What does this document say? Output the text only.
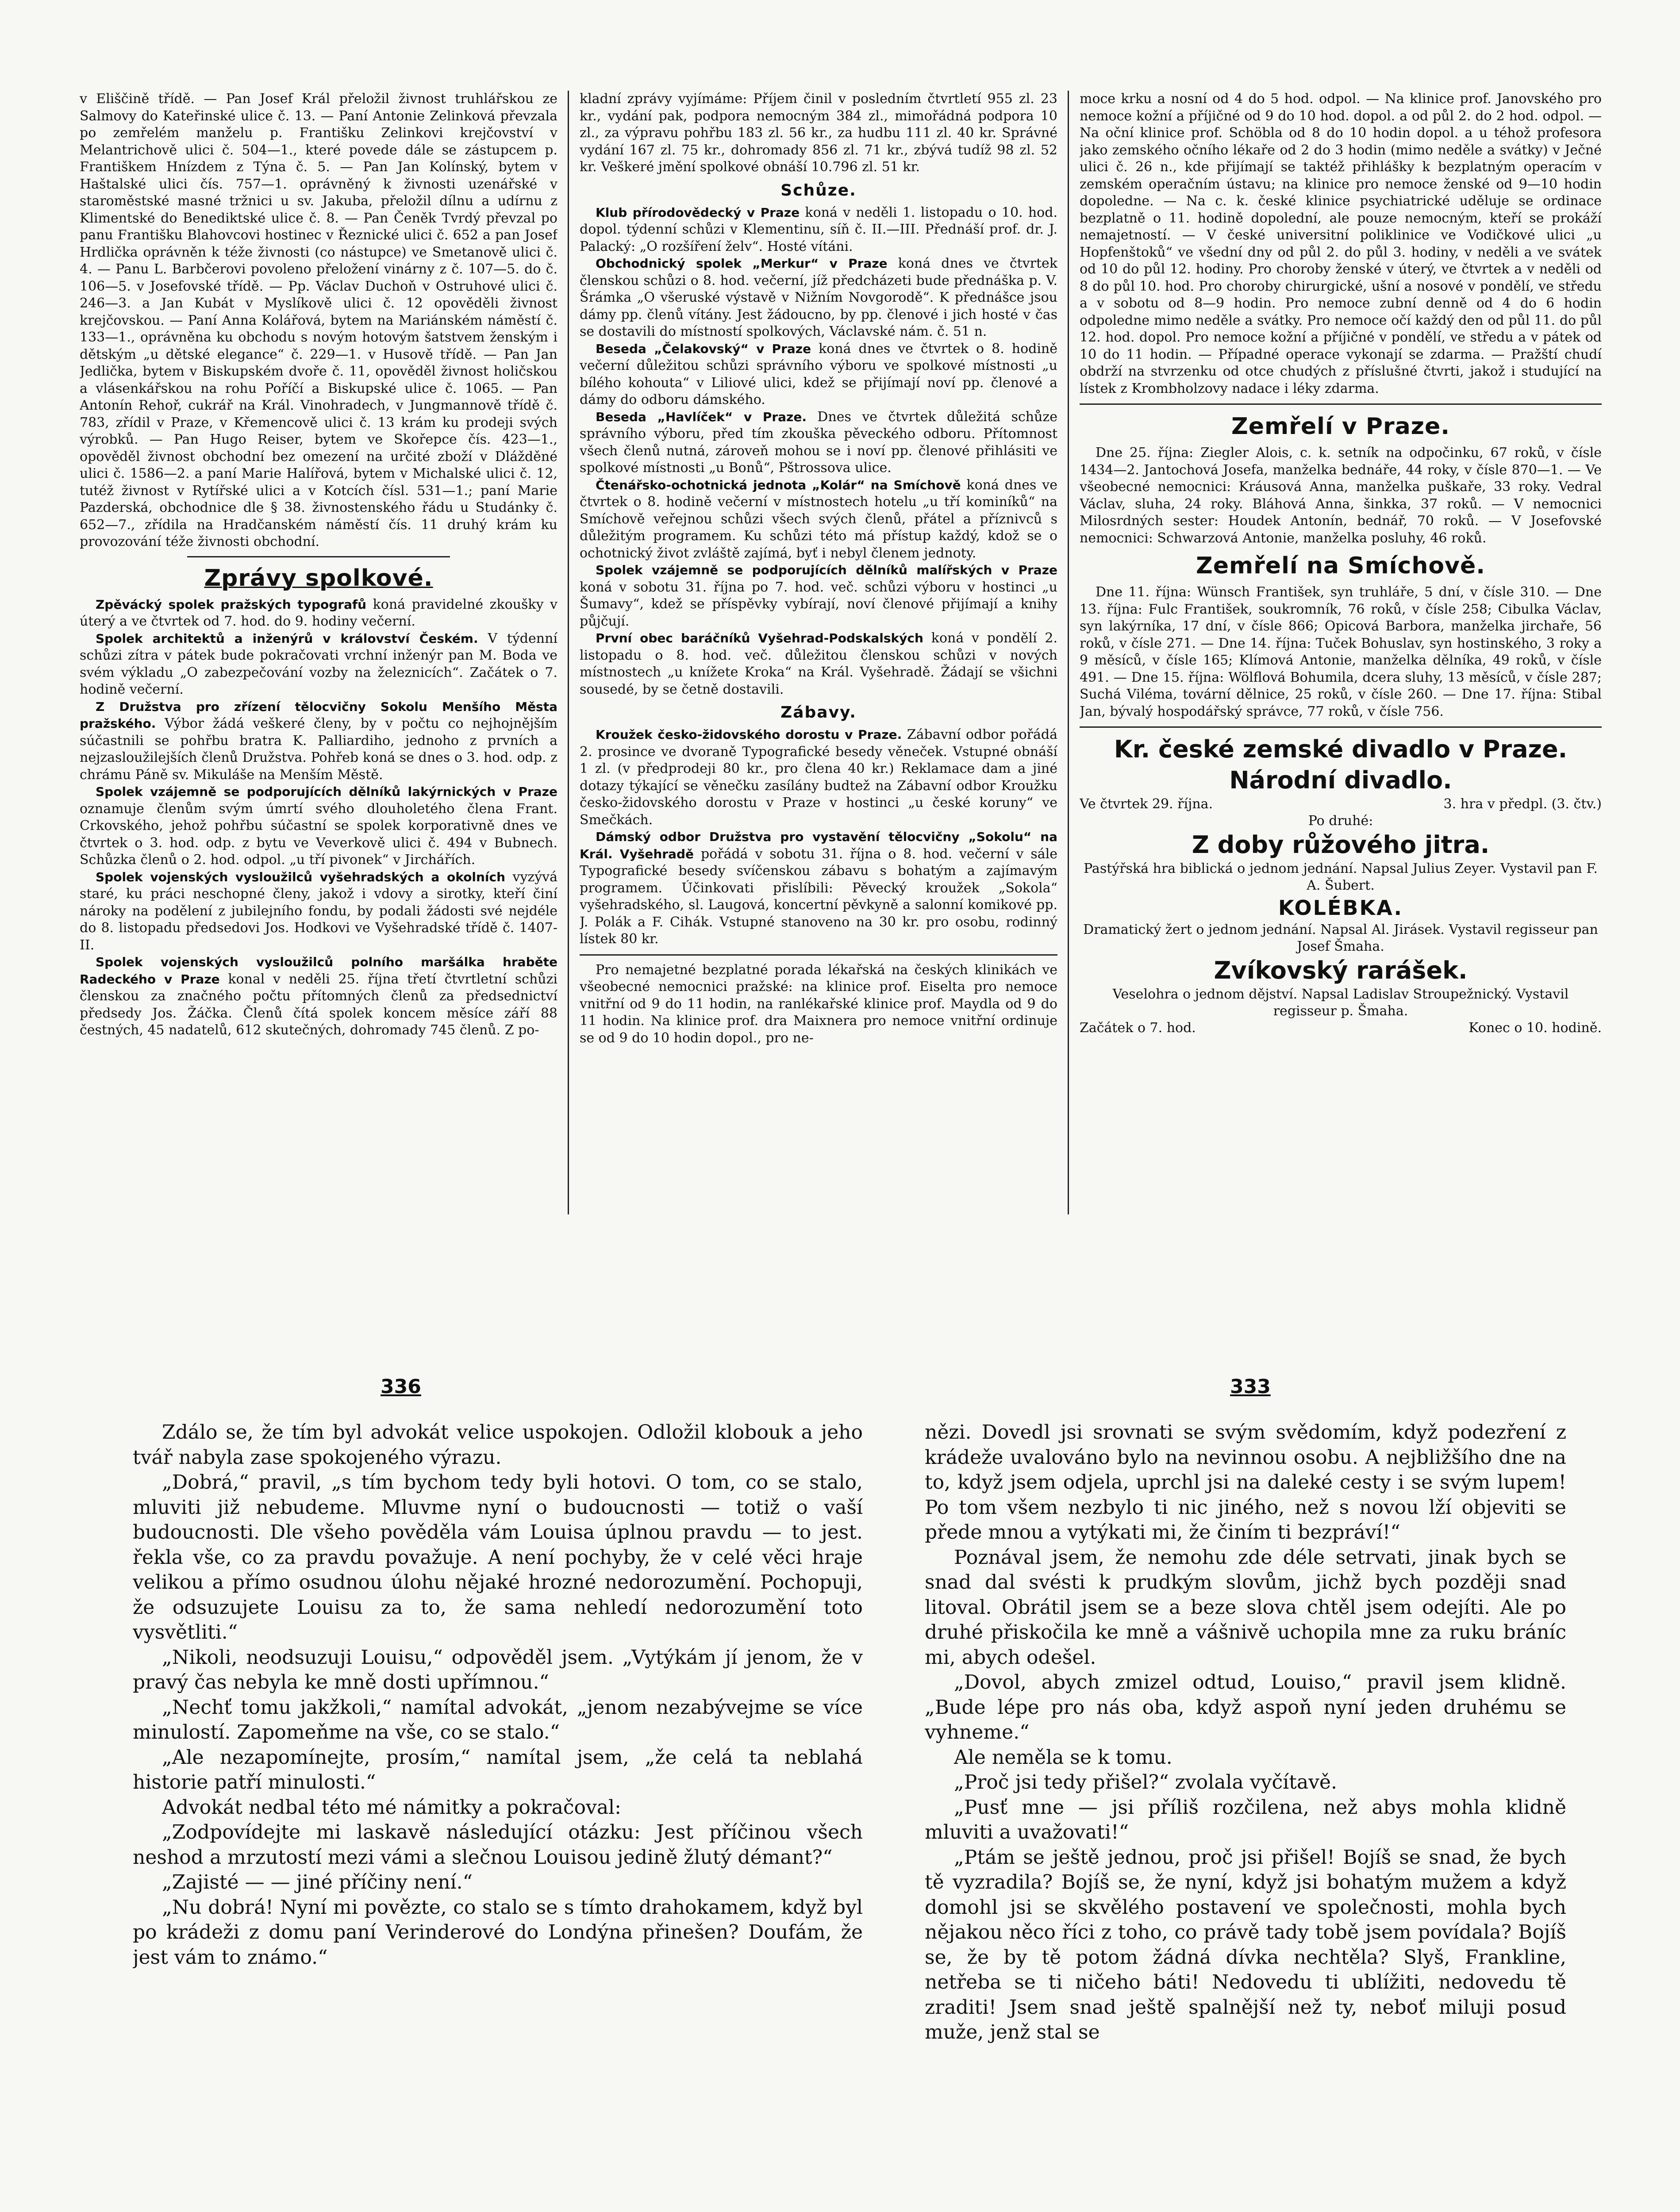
v Eliščině třídě. — Pan Josef Král přeložil živnost truhlářskou ze Salmovy do Kateřinské ulice č. 13. — Paní Antonie Zelinková převzala po zemřelém manželu p. Františku Zelinkovi krejčovství v Melantrichově ulici č. 504—1., které povede dále se zástupcem p. Františkem Hnízdem z Týna č. 5. — Pan Jan Kolínský, bytem v Haštalské ulici čís. 757—1. oprávněný k živnosti uzenářské v staroměstské masné tržnici u sv. Jakuba, přeložil dílnu a udírnu z Klimentské do Benediktské ulice č. 8. — Pan Čeněk Tvrdý převzal po panu Františku Blahovcovi hostinec v Řeznické ulici č. 652 a pan Josef Hrdlička oprávněn k téže živnosti (co nástupce) ve Smetanově ulici č. 4. — Panu L. Barbčerovi povoleno přeložení vinárny z č. 107—5. do č. 106—5. v Josefovské třídě. — Pp. Václav Duchoň v Ostruhové ulici č. 246—3. a Jan Kubát v Myslíkově ulici č. 12 opověděli živnost krejčovskou. — Paní Anna Kolářová, bytem na Mariánském náměstí č. 133—1., oprávněna ku obchodu s novým hotovým šatstvem ženským i dětským „u dětské elegance“ č. 229—1. v Husově třídě. — Pan Jan Jedlička, bytem v Biskupském dvoře č. 11, opověděl živnost holičskou a vlásenkářskou na rohu Poříčí a Biskupské ulice č. 1065. — Pan Antonín Rehoř, cukrář na Král. Vinohradech, v Jungmannově třídě č. 783, zřídil v Praze, v Křemencově ulici č. 13 krám ku prodeji svých výrobků. — Pan Hugo Reiser, bytem ve Skořepce čís. 423—1., opověděl živnost obchodní bez omezení na určité zboží v Dlážděné ulici č. 1586—2. a paní Marie Halířová, bytem v Michalské ulici č. 12, tutéž živnost v Rytířské ulici a v Kotcích čísl. 531—1.; paní Marie Pazderská, obchodnice dle § 38. živnostenského řádu u Studánky č. 652—7., zřídila na Hradčanském náměstí čís. 11 druhý krám ku provozování téže živnosti obchodní.

Zprávy spolkové.

Zpěvácký spolek pražských typografů koná pravidelné zkoušky v úterý a ve čtvrtek od 7. hod. do 9. hodiny večerní.

Spolek architektů a inženýrů v království Českém. V týdenní schůzi zítra v pátek bude pokračovati vrchní inženýr pan M. Boda ve svém výkladu „O zabezpečování vozby na železnicích“. Začátek o 7. hodině večerní.

Z Družstva pro zřízení tělocvičny Sokolu Menšího Města pražského. Výbor žádá veškeré členy, by v počtu co nejhojnějším súčastnili se pohřbu bratra K. Palliardiho, jednoho z prvních a nejzasloužilejších členů Družstva. Pohřeb koná se dnes o 3. hod. odp. z chrámu Páně sv. Mikuláše na Menším Městě.

Spolek vzájemně se podporujících dělníků lakýrnických v Praze oznamuje členům svým úmrtí svého dlouholetého člena Frant. Crkovského, jehož pohřbu súčastní se spolek korporativně dnes ve čtvrtek o 3. hod. odp. z bytu ve Veverkově ulici č. 494 v Bubnech. Schůzka členů o 2. hod. odpol. „u tří pivonek“ v Jirchářích.

Spolek vojenských vysloužilců vyšehradských a okolních vyzývá staré, ku práci neschopné členy, jakož i vdovy a sirotky, kteří činí nároky na podělení z jubilejního fondu, by podali žádosti své nejdéle do 8. listopadu předsedovi Jos. Hodkovi ve Vyšehradské třídě č. 1407-II.

Spolek vojenských vysloužilců polního maršálka hraběte Radeckého v Praze konal v neděli 25. října třetí čtvrtletní schůzi členskou za značného počtu přítomných členů za předsednictví předsedy Jos. Žáčka. Členů čítá spolek koncem měsíce září 88 čestných, 45 nadatelů, 612 skutečných, dohromady 745 členů. Z po-

kladní zprávy vyjímáme: Příjem činil v posledním čtvrtletí 955 zl. 23 kr., vydání pak, podpora nemocným 384 zl., mimořádná podpora 10 zl., za výpravu pohřbu 183 zl. 56 kr., za hudbu 111 zl. 40 kr. Správné vydání 167 zl. 75 kr., dohromady 856 zl. 71 kr., zbývá tudíž 98 zl. 52 kr. Veškeré jmění spolkové obnáší 10.796 zl. 51 kr.

Schůze.

Klub přírodovědecký v Praze koná v neděli 1. listopadu o 10. hod. dopol. týdenní schůzi v Klementinu, síň č. II.—III. Přednáší prof. dr. J. Palacký: „O rozšíření želv“. Hosté vítáni.

Obchodnický spolek „Merkur“ v Praze koná dnes ve čtvrtek členskou schůzi o 8. hod. večerní, jíž předcházeti bude přednáška p. V. Šrámka „O všeruské výstavě v Nižním Novgorodě“. K přednášce jsou dámy pp. členů vítány. Jest žádoucno, by pp. členové i jich hosté v čas se dostavili do místností spolkových, Václavské nám. č. 51 n.

Beseda „Čelakovský“ v Praze koná dnes ve čtvrtek o 8. hodině večerní důležitou schůzi správního výboru ve spolkové místnosti „u bílého kohouta“ v Liliové ulici, kdež se přijímají noví pp. členové a dámy do odboru dámského.

Beseda „Havlíček“ v Praze. Dnes ve čtvrtek důležitá schůze správního výboru, před tím zkouška pěveckého odboru. Přítomnost všech členů nutná, zároveň mohou se i noví pp. členové přihlásiti ve spolkové místnosti „u Bonů“, Pštrossova ulice.

Čtenářsko-ochotnická jednota „Kolár“ na Smíchově koná dnes ve čtvrtek o 8. hodině večerní v místnostech hotelu „u tří kominíků“ na Smíchově veřejnou schůzi všech svých členů, přátel a příznivců s důležitým programem. Ku schůzi této má přístup každý, kdož se o ochotnický život zvláště zajímá, byť i nebyl členem jednoty.

Spolek vzájemně se podporujících dělníků malířských v Praze koná v sobotu 31. října po 7. hod. več. schůzi výboru v hostinci „u Šumavy“, kdež se příspěvky vybírají, noví členové přijímají a knihy půjčují.

První obec baráčníků Vyšehrad-Podskalských koná v pondělí 2. listopadu o 8. hod. več. důležitou členskou schůzi v nových místnostech „u knížete Kroka“ na Král. Vyšehradě. Žádají se všichni sousedé, by se četně dostavili.

Zábavy.

Kroužek česko-židovského dorostu v Praze. Zábavní odbor pořádá 2. prosince ve dvoraně Typografické besedy věneček. Vstupné obnáší 1 zl. (v předprodeji 80 kr., pro člena 40 kr.) Reklamace dam a jiné dotazy týkající se věnečku zasílány budtež na Zábavní odbor Kroužku česko-židovského dorostu v Praze v hostinci „u české koruny“ ve Smečkách.

Dámský odbor Družstva pro vystavění tělocvičny „Sokolu“ na Král. Vyšehradě pořádá v sobotu 31. října o 8. hod. večerní v sále Typografické besedy svíčenskou zábavu s bohatým a zajímavým programem. Účinkovati přislíbili: Pěvecký kroužek „Sokola“ vyšehradského, sl. Laugová, koncertní pěvkyně a salonní komikové pp. J. Polák a F. Cihák. Vstupné stanoveno na 30 kr. pro osobu, rodinný lístek 80 kr.

Pro nemajetné bezplatné porada lékařská na českých klinikách ve všeobecné nemocnici pražské: na klinice prof. Eiselta pro nemoce vnitřní od 9 do 11 hodin, na ranlékařské klinice prof. Maydla od 9 do 11 hodin. Na klinice prof. dra Maixnera pro nemoce vnitřní ordinuje se od 9 do 10 hodin dopol., pro ne-

moce krku a nosní od 4 do 5 hod. odpol. — Na klinice prof. Janovského pro nemoce kožní a příjičné od 9 do 10 hod. dopol. a od půl 2. do 2 hod. odpol. — Na oční klinice prof. Schöbla od 8 do 10 hodin dopol. a u téhož profesora jako zemského očního lékaře od 2 do 3 hodin (mimo neděle a svátky) v Ječné ulici č. 26 n., kde přijímají se taktéž přihlášky k bezplatným operacím v zemském operačním ústavu; na klinice pro nemoce ženské od 9—10 hodin dopoledne. — Na c. k. české klinice psychiatrické uděluje se ordinace bezplatně o 11. hodině dopolední, ale pouze nemocným, kteří se prokáží nemajetností. — V české universitní poliklinice ve Vodičkové ulici „u Hopfenštoků“ ve všední dny od půl 2. do půl 3. hodiny, v neděli a ve svátek od 10 do půl 12. hodiny. Pro choroby ženské v úterý, ve čtvrtek a v neděli od 8 do půl 10. hod. Pro choroby chirurgické, ušní a nosové v pondělí, ve středu a v sobotu od 8—9 hodin. Pro nemoce zubní denně od 4 do 6 hodin odpoledne mimo neděle a svátky. Pro nemoce očí každý den od půl 11. do půl 12. hod. dopol. Pro nemoce kožní a příjičné v pondělí, ve středu a v pátek od 10 do 11 hodin. — Případné operace vykonají se zdarma. — Pražští chudí obdrží na stvrzenku od otce chudých z příslušné čtvrti, jakož i studující na lístek z Krombholzovy nadace i léky zdarma.

Zemřelí v Praze.

Dne 25. října: Ziegler Alois, c. k. setník na odpočinku, 67 roků, v čísle 1434—2. Jantochová Josefa, manželka bednáře, 44 roky, v čísle 870—1. — Ve všeobecné nemocnici: Kráusová Anna, manželka puškaře, 33 roky. Vedral Václav, sluha, 24 roky. Bláhová Anna, šinkka, 37 roků. — V nemocnici Milosrdných sester: Houdek Antonín, bednář, 70 roků. — V Josefovské nemocnici: Schwarzová Antonie, manželka posluhy, 46 roků.

Zemřelí na Smíchově.

Dne 11. října: Wünsch František, syn truhláře, 5 dní, v čísle 310. — Dne 13. října: Fulc František, soukromník, 76 roků, v čísle 258; Cibulka Václav, syn lakýrníka, 17 dní, v čísle 866; Opicová Barbora, manželka jirchaře, 56 roků, v čísle 271. — Dne 14. října: Tuček Bohuslav, syn hostinského, 3 roky a 9 měsíců, v čísle 165; Klímová Antonie, manželka dělníka, 49 roků, v čísle 491. — Dne 15. října: Wölflová Bohumila, dcera sluhy, 13 měsíců, v čísle 287; Suchá Viléma, tovární dělnice, 25 roků, v čísle 260. — Dne 17. října: Stibal Jan, bývalý hospodářský správce, 77 roků, v čísle 756.

Kr. české zemské divadlo v Praze.
Národní divadlo.
Ve čtvrtek 29. října.	3. hra v předpl. (3. čtv.)
Po druhé:
Z doby růžového jitra.
Pastýřská hra biblická o jednom jednání. Napsal Julius Zeyer. Vystavil pan F. A. Šubert.
KOLÉBKA.
Dramatický žert o jednom jednání. Napsal Al. Jirásek. Vystavil regisseur pan Josef Šmaha.
Zvíkovský rarášek.
Veselohra o jednom dějství. Napsal Ladislav Stroupežnický. Vystavil regisseur p. Šmaha.
Začátek o 7. hod.	Konec o 10. hodině.
336	333

Zdálo se, že tím byl advokát velice uspokojen. Odložil klobouk a jeho tvář nabyla zase spokojeného výrazu.

„Dobrá,“ pravil, „s tím bychom tedy byli hotovi. O tom, co se stalo, mluviti již nebudeme. Mluvme nyní o budoucnosti — totiž o vaší budoucnosti. Dle všeho pověděla vám Louisa úplnou pravdu — to jest. řekla vše, co za pravdu považuje. A není pochyby, že v celé věci hraje velikou a přímo osudnou úlohu nějaké hrozné nedorozumění. Pochopuji, že odsuzujete Louisu za to, že sama nehledí nedorozumění toto vysvětliti.“

„Nikoli, neodsuzuji Louisu,“ odpověděl jsem. „Vytýkám jí jenom, že v pravý čas nebyla ke mně dosti upřímnou.“

„Nechť tomu jakžkoli,“ namítal advokát, „jenom nezabývejme se více minulostí. Zapomeňme na vše, co se stalo.“

„Ale nezapomínejte, prosím,“ namítal jsem, „že celá ta neblahá historie patří minulosti.“

Advokát nedbal této mé námitky a pokračoval:

„Zodpovídejte mi laskavě následující otázku: Jest příčinou všech neshod a mrzutostí mezi vámi a slečnou Louisou jedině žlutý démant?“

„Zajisté — — jiné příčiny není.“

„Nu dobrá! Nyní mi povězte, co stalo se s tímto drahokamem, když byl po krádeži z domu paní Verinderové do Londýna přinešen? Doufám, že jest vám to známo.“

nězi. Dovedl jsi srovnati se svým svědomím, když podezření z krádeže uvalováno bylo na nevinnou osobu. A nejbližšího dne na to, když jsem odjela, uprchl jsi na daleké cesty i se svým lupem! Po tom všem nezbylo ti nic jiného, než s novou lží objeviti se přede mnou a vytýkati mi, že činím ti bezpráví!“

Poznával jsem, že nemohu zde déle setrvati, jinak bych se snad dal svésti k prudkým slovům, jichž bych později snad litoval. Obrátil jsem se a beze slova chtěl jsem odejíti. Ale po druhé přiskočila ke mně a vášnivě uchopila mne za ruku bráníc mi, abych odešel.

„Dovol, abych zmizel odtud, Louiso,“ pravil jsem klidně. „Bude lépe pro nás oba, když aspoň nyní jeden druhému se vyhneme.“

Ale neměla se k tomu.

„Proč jsi tedy přišel?“ zvolala vyčítavě.

„Pusť mne — jsi příliš rozčilena, než abys mohla klidně mluviti a uvažovati!“

„Ptám se ještě jednou, proč jsi přišel! Bojíš se snad, že bych tě vyzradila? Bojíš se, že nyní, když jsi bohatým mužem a když domohl jsi se skvělého postavení ve společnosti, mohla bych nějakou něco říci z toho, co právě tady tobě jsem povídala? Bojíš se, že by tě potom žádná dívka nechtěla? Slyš, Frankline, netřeba se ti ničeho báti! Nedovedu ti ublížiti, nedovedu tě zraditi! Jsem snad ještě spalnější než ty, neboť miluji posud muže, jenž stal se
